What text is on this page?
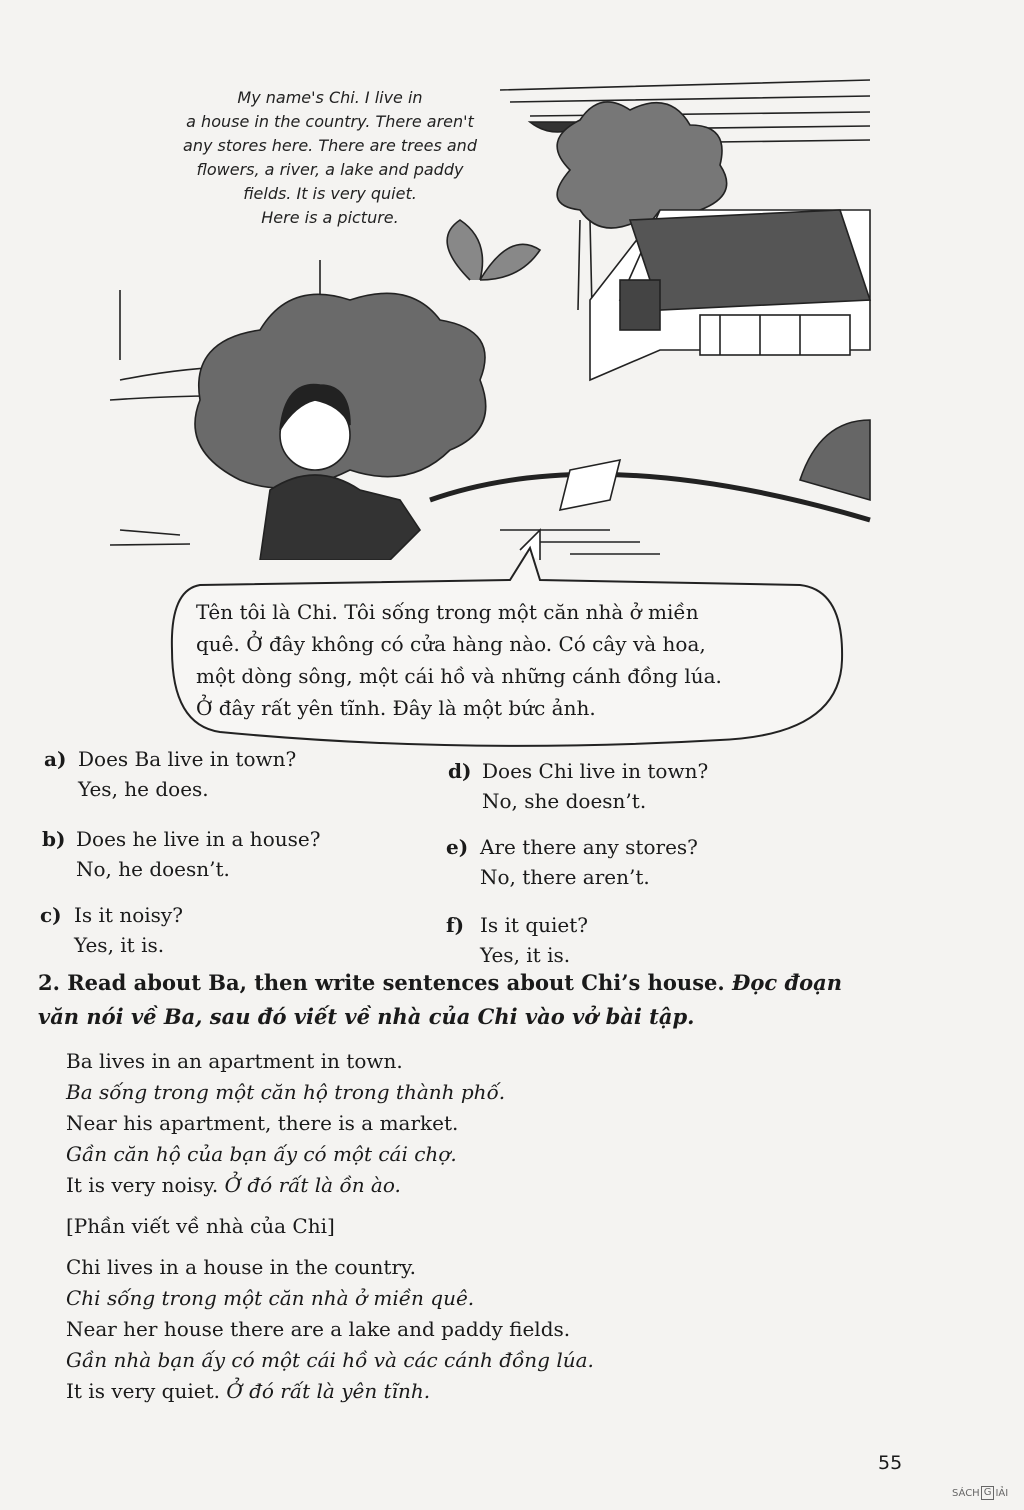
My name's Chi. I live in
a house in the country. There aren't
any stores here. There are trees and
flowers, a river, a lake and paddy
fields. It is very quiet.
Here is a picture.
Tên tôi là Chi. Tôi sống trong một căn nhà ở miền
quê. Ở đây không có cửa hàng nào. Có cây và hoa,
một dòng sông, một cái hồ và những cánh đồng lúa.
Ở đây rất yên tĩnh. Đây là một bức ảnh.
a) Does Ba live in town?
Yes, he does.
b) Does he live in a house?
No, he doesn’t.
c) Is it noisy?
Yes, it is.
d) Does Chi live in town?
No, she doesn’t.
e) Are there any stores?
No, there aren’t.
f) Is it quiet?
Yes, it is.
2. Read about Ba, then write sentences about Chi’s house. Đọc đoạn
văn nói về Ba, sau đó viết về nhà của Chi vào vở bài tập.
Ba lives in an apartment in town.
Ba sống trong một căn hộ trong thành phố.
Near his apartment, there is a market.
Gần căn hộ của bạn ấy có một cái chợ.
It is very noisy. Ở đó rất là ồn ào.
[Phần viết về nhà của Chi]
Chi lives in a house in the country.
Chi sống trong một căn nhà ở miền quê.
Near her house there are a lake and paddy fields.
Gần nhà bạn ấy có một cái hồ và các cánh đồng lúa.
It is very quiet. Ở đó rất là yên tĩnh.
55
SÁCH G IẢI
